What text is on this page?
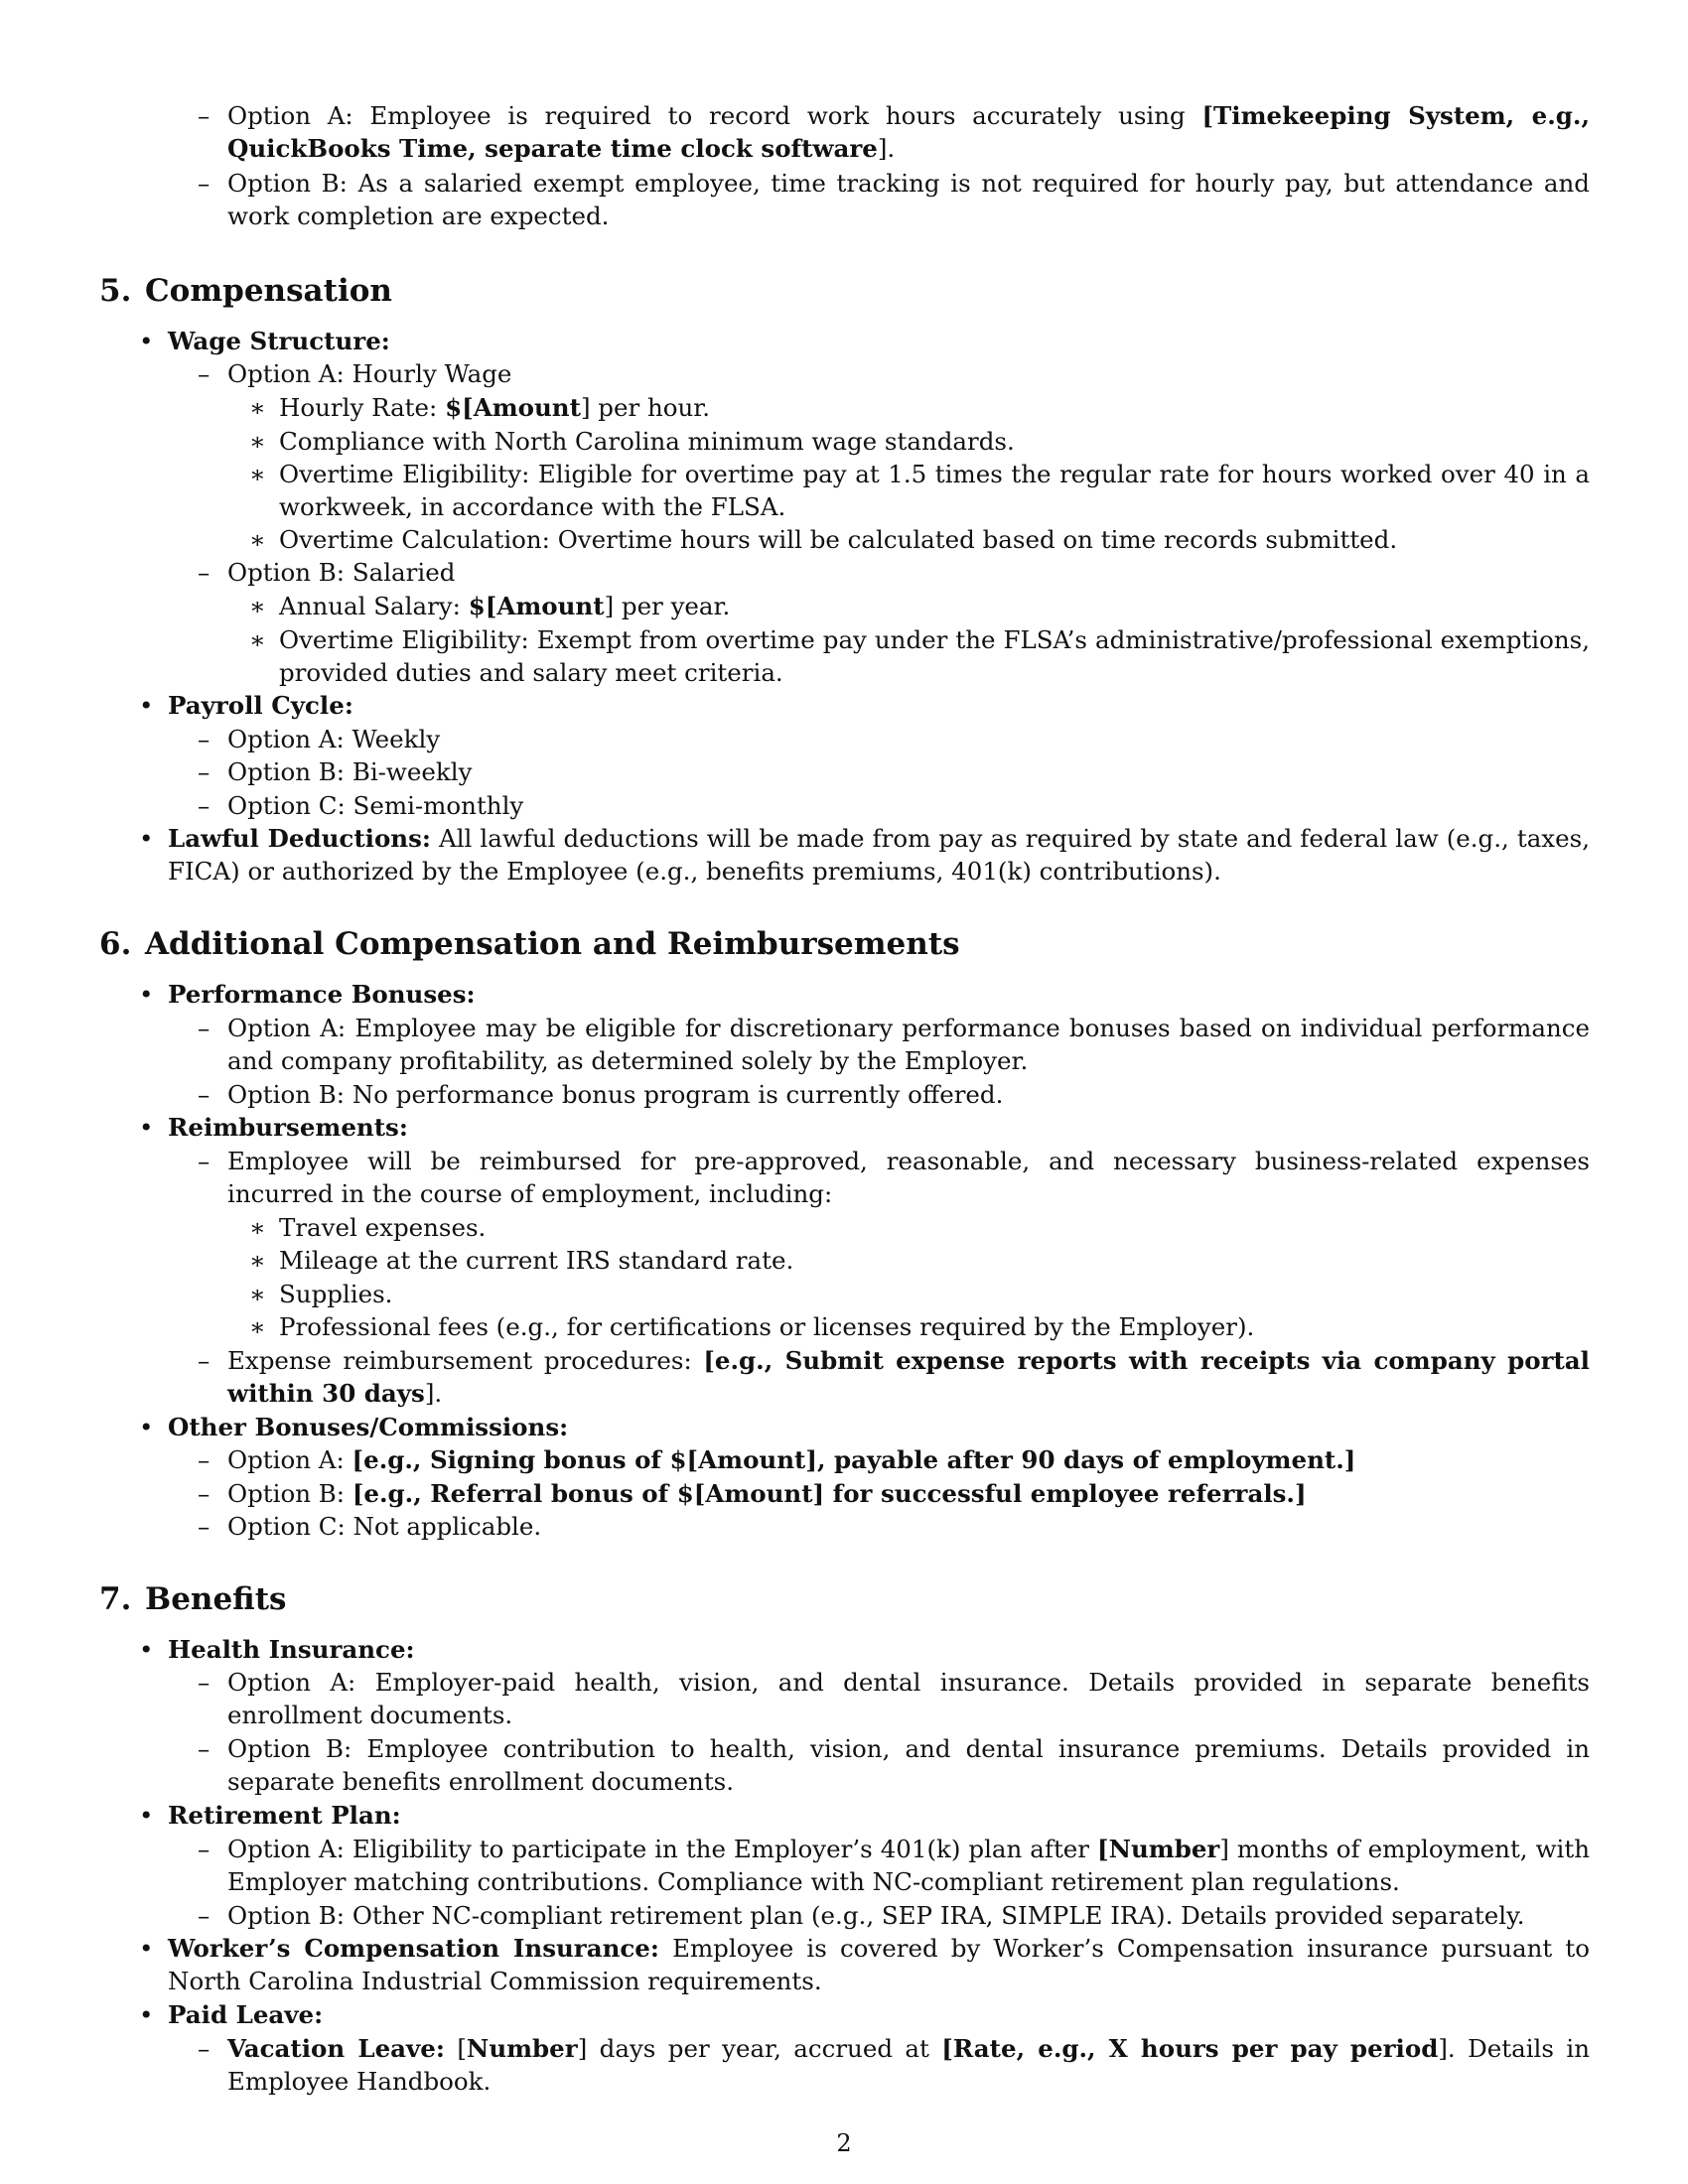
– Option A: Employee is required to record work hours accurately using [Timekeeping System, e.g., QuickBooks Time, separate time clock software].
– Option B: As a salaried exempt employee, time tracking is not required for hourly pay, but attendance and work completion are expected.
5. Compensation
• Wage Structure:
– Option A: Hourly Wage
∗ Hourly Rate: $[Amount] per hour.
∗ Compliance with North Carolina minimum wage standards.
∗ Overtime Eligibility: Eligible for overtime pay at 1.5 times the regular rate for hours worked over 40 in a workweek, in accordance with the FLSA.
∗ Overtime Calculation: Overtime hours will be calculated based on time records submitted.
– Option B: Salaried
∗ Annual Salary: $[Amount] per year.
∗ Overtime Eligibility: Exempt from overtime pay under the FLSA’s administrative/professional exemptions, provided duties and salary meet criteria.
• Payroll Cycle:
– Option A: Weekly
– Option B: Bi-weekly
– Option C: Semi-monthly
• Lawful Deductions: All lawful deductions will be made from pay as required by state and federal law (e.g., taxes, FICA) or authorized by the Employee (e.g., benefits premiums, 401(k) contributions).
6. Additional Compensation and Reimbursements
• Performance Bonuses:
– Option A: Employee may be eligible for discretionary performance bonuses based on individual performance and company profitability, as determined solely by the Employer.
– Option B: No performance bonus program is currently offered.
• Reimbursements:
– Employee will be reimbursed for pre-approved, reasonable, and necessary business-related expenses incurred in the course of employment, including:
∗ Travel expenses.
∗ Mileage at the current IRS standard rate.
∗ Supplies.
∗ Professional fees (e.g., for certifications or licenses required by the Employer).
– Expense reimbursement procedures: [e.g., Submit expense reports with receipts via company portal within 30 days].
• Other Bonuses/Commissions:
– Option A: [e.g., Signing bonus of $[Amount], payable after 90 days of employment.]
– Option B: [e.g., Referral bonus of $[Amount] for successful employee referrals.]
– Option C: Not applicable.
7. Benefits
• Health Insurance:
– Option A: Employer-paid health, vision, and dental insurance. Details provided in separate benefits enrollment documents.
– Option B: Employee contribution to health, vision, and dental insurance premiums. Details provided in separate benefits enrollment documents.
• Retirement Plan:
– Option A: Eligibility to participate in the Employer’s 401(k) plan after [Number] months of employment, with Employer matching contributions. Compliance with NC-compliant retirement plan regulations.
– Option B: Other NC-compliant retirement plan (e.g., SEP IRA, SIMPLE IRA). Details provided separately.
• Worker’s Compensation Insurance: Employee is covered by Worker’s Compensation insurance pursuant to North Carolina Industrial Commission requirements.
• Paid Leave:
– Vacation Leave: [Number] days per year, accrued at [Rate, e.g., X hours per pay period]. Details in Employee Handbook.
2
